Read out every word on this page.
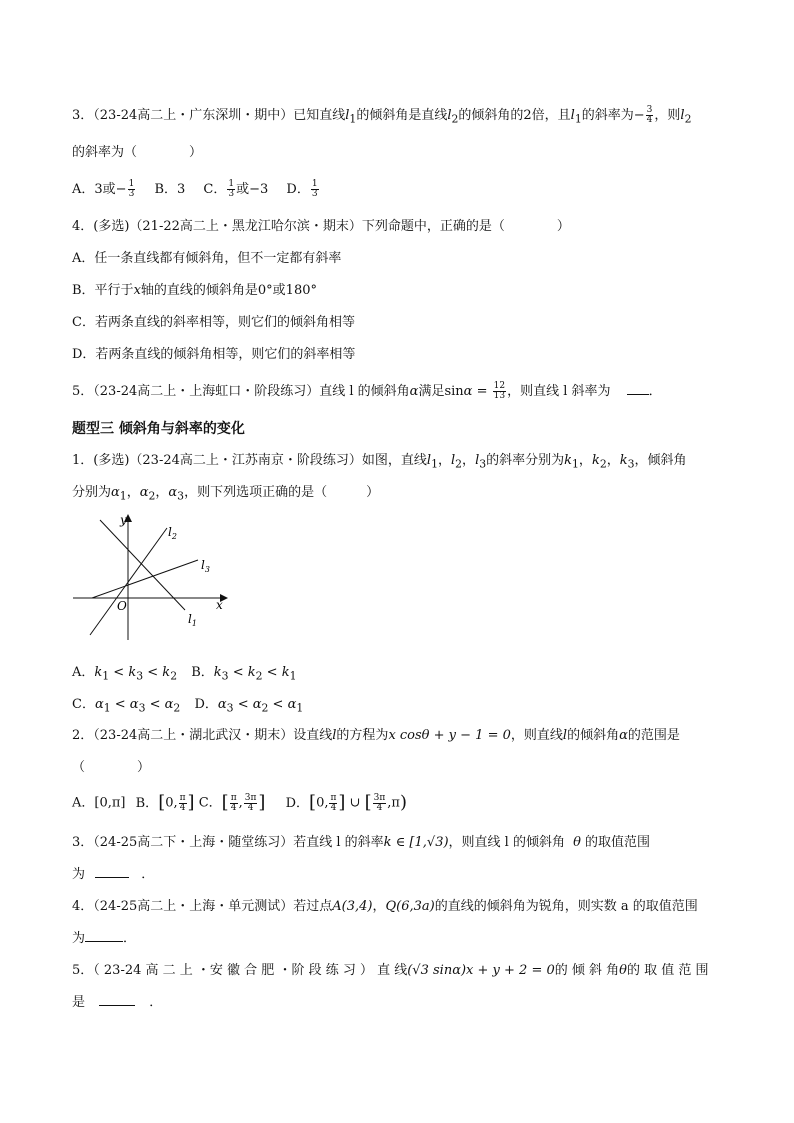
3．（23-24高二上・广东深圳・期中）已知直线$l_1$的倾斜角是直线$l_2$的倾斜角的2倍，且$l_1$的斜率为− $\frac{3}{4}$ ，则$l_2$
的斜率为（　　　　）
A．3或− $\frac{1}{3}$ B．3 C． $\frac{1}{3}$ 或−3 D． $\frac{1}{3}$
4．(多选)（21-22高二上・黑龙江哈尔滨・期末）下列命题中，正确的是（　　　　）
A．任一条直线都有倾斜角，但不一定都有斜率
B．平行于x轴的直线的倾斜角是0°或180°
C．若两条直线的斜率相等，则它们的倾斜角相等
D．若两条直线的倾斜角相等，则它们的斜率相等
5．（23-24高二上・上海虹口・阶段练习）直线 l 的倾斜角α满足$\sin\alpha = \frac{12}{13}$ ，则直线 l 斜率为	．
题型三 倾斜角与斜率的变化
1．(多选)（23-24高二上・江苏南京・阶段练习）如图，直线$l_1$，$l_2$，$l_3$的斜率分别为$k_1$，$k_2$，$k_3$，倾斜角
分别为$\alpha_1$，$\alpha_2$，$\alpha_3$，则下列选项正确的是（　　　）
y
x
O
$l_2$
$l_3$
$l_1$
A．$k_1 < k_3 < k_2$ B．$k_3 < k_2 < k_1$
C．$\alpha_1 < \alpha_3 < \alpha_2$ D．$\alpha_3 < \alpha_2 < \alpha_1$
2．（23-24高二上・湖北武汉・期末）设直线l的方程为x cosθ + y − 1 = 0，则直线l的倾斜角α的范围是
（　　　　）
A．[0,π] B．[0, $\frac{\pi}{4}$ ] C．[ $\frac{\pi}{4}$ , $\frac{3\pi}{4}$ ] D．[0, $\frac{\pi}{4}$ ] ∪ [ $\frac{3\pi}{4} ,\pi$)
3．（24-25高二下・上海・随堂练习）若直线 l 的斜率k ∈ [1,√3)，则直线 l 的倾斜角 θ 的取值范围
为	．
4．（24-25高二上・上海・单元测试）若过点A(3,4)，Q(6,3a)的直线的倾斜角为锐角，则实数 a 的取值范围
为	．
5．（ 23-24 高 二 上 ・安 徽 合 肥 ・阶 段 练 习 ） 直 线(√3 sinα)x + y + 2 = 0的 倾 斜 角θ的 取 值 范 围
是	．
